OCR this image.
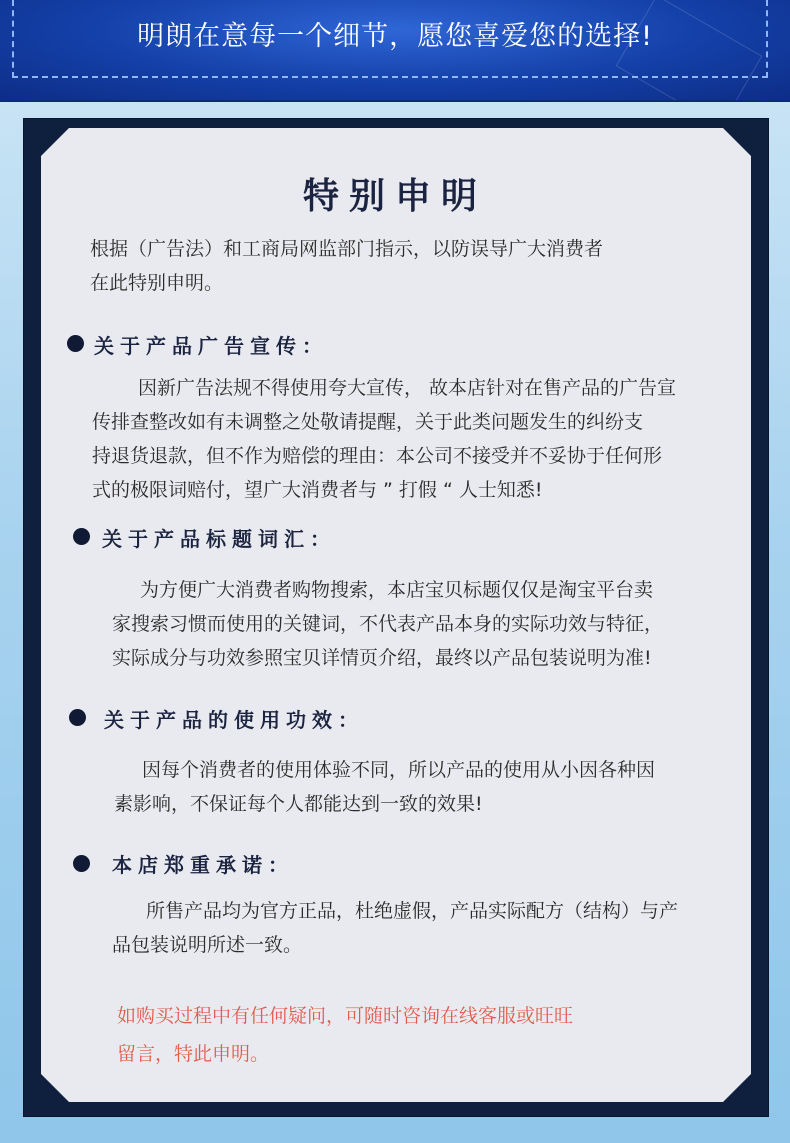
明朗在意每一个细节，愿您喜爱您的选择!
特别申明
根据（广告法）和工商局网监部门指示，以防误导广大消费者
在此特别申明。
关于产品广告宣传：
因新广告法规不得使用夸大宣传， 故本店针对在售产品的广告宣
传排查整改如有未调整之处敬请提醒，关于此类问题发生的纠纷支
持退货退款，但不作为赔偿的理由：本公司不接受并不妥协于任何形
式的极限词赔付，望广大消费者与 ” 打假 “ 人士知悉!
关于产品标题词汇：
为方便广大消费者购物搜索，本店宝贝标题仅仅是淘宝平台卖
家搜索习惯而使用的关键词，不代表产品本身的实际功效与特征，
实际成分与功效参照宝贝详情页介绍，最终以产品包装说明为准!
关于产品的使用功效：
因每个消费者的使用体验不同，所以产品的使用从小因各种因
素影响，不保证每个人都能达到一致的效果!
本店郑重承诺：
所售产品均为官方正品，杜绝虚假，产品实际配方（结构）与产
品包装说明所述一致。
如购买过程中有任何疑问，可随时咨询在线客服或旺旺
留言，特此申明。
